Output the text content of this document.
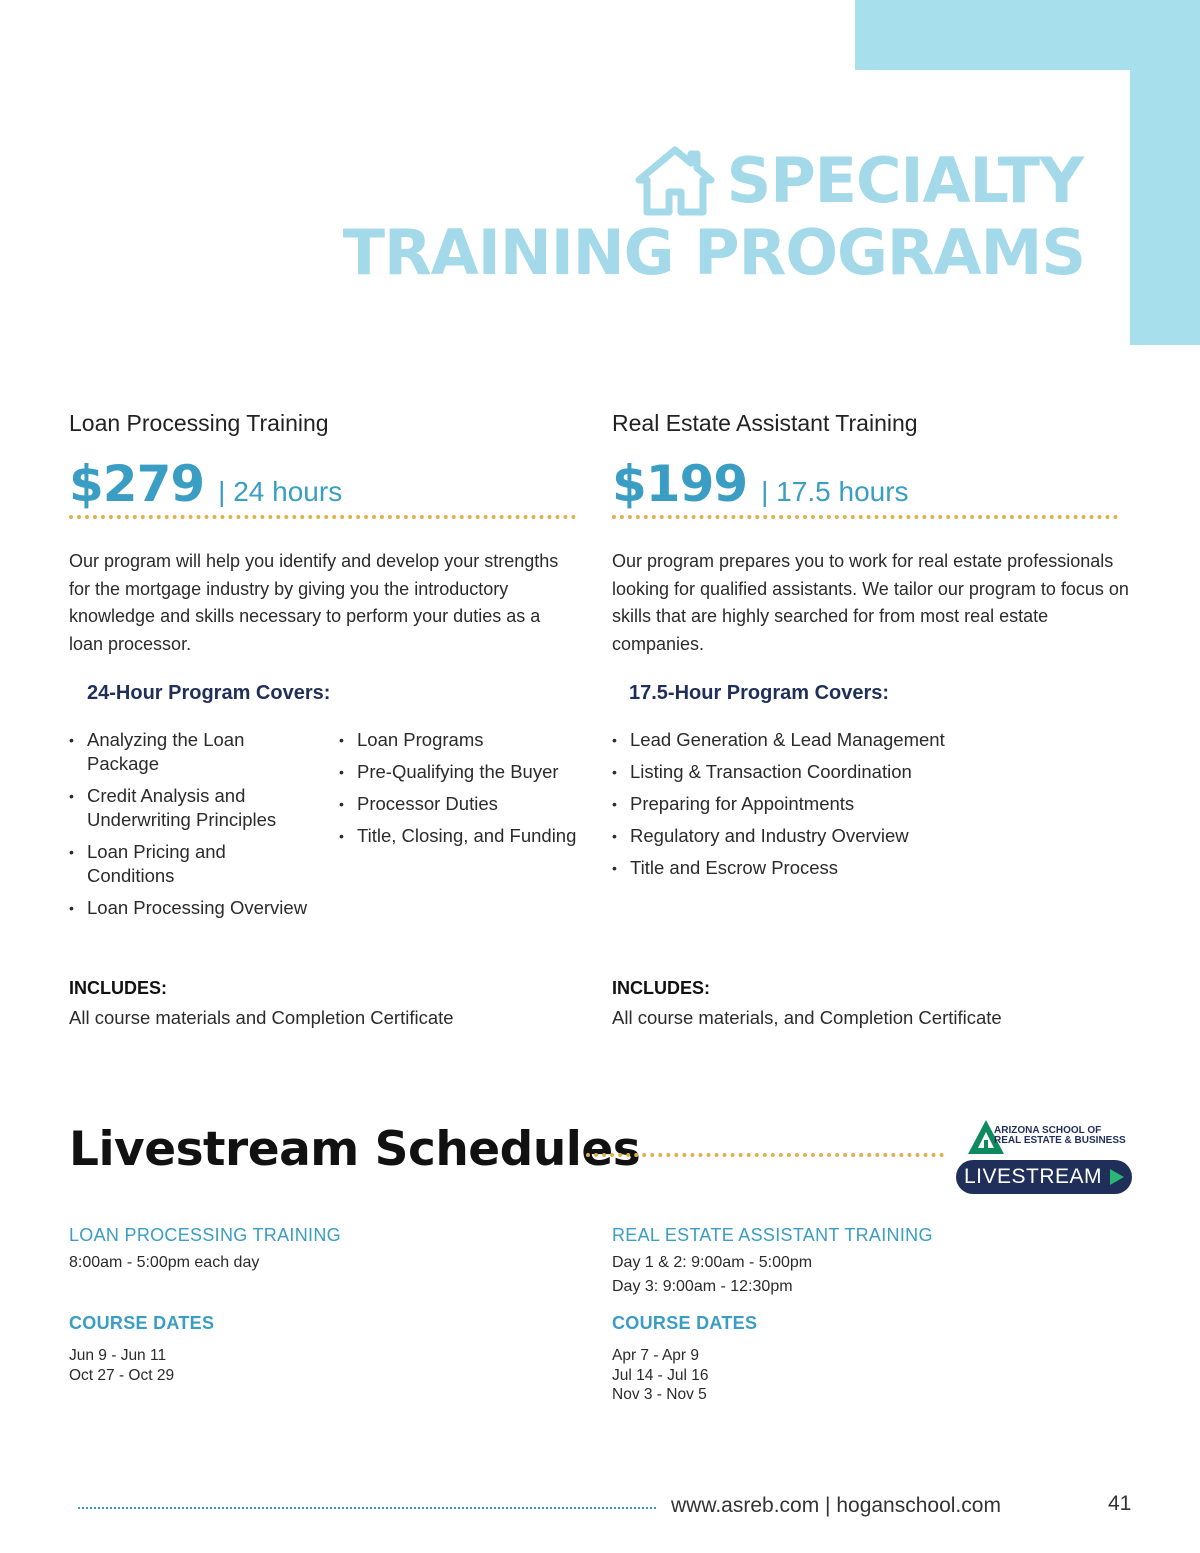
SPECIALTY
TRAINING PROGRAMS
Loan Processing Training
$279 | 24 hours
Our program will help you identify and develop your strengths for the mortgage industry by giving you the introductory knowledge and skills necessary to perform your duties as a loan processor.
24-Hour Program Covers:
• Analyzing the Loan Package
• Credit Analysis and Underwriting Principles
• Loan Pricing and Conditions
• Loan Processing Overview
• Loan Programs
• Pre-Qualifying the Buyer
• Processor Duties
• Title, Closing, and Funding
INCLUDES:
All course materials and Completion Certificate
Real Estate Assistant Training
$199 | 17.5 hours
Our program prepares you to work for real estate professionals looking for qualified assistants. We tailor our program to focus on skills that are highly searched for from most real estate companies.
17.5-Hour Program Covers:
• Lead Generation & Lead Management
• Listing & Transaction Coordination
• Preparing for Appointments
• Regulatory and Industry Overview
• Title and Escrow Process
INCLUDES:
All course materials, and Completion Certificate
Livestream Schedules	ARIZONA SCHOOL OF
REAL ESTATE & BUSINESS
LIVESTREAM
LOAN PROCESSING TRAINING
8:00am - 5:00pm each day
COURSE DATES
Jun 9 - Jun 11
Oct 27 - Oct 29
REAL ESTATE ASSISTANT TRAINING
Day 1 & 2: 9:00am - 5:00pm
Day 3: 9:00am - 12:30pm
COURSE DATES
Apr 7 - Apr 9
Jul 14 - Jul 16
Nov 3 - Nov 5
www.asreb.com | hoganschool.com	41
